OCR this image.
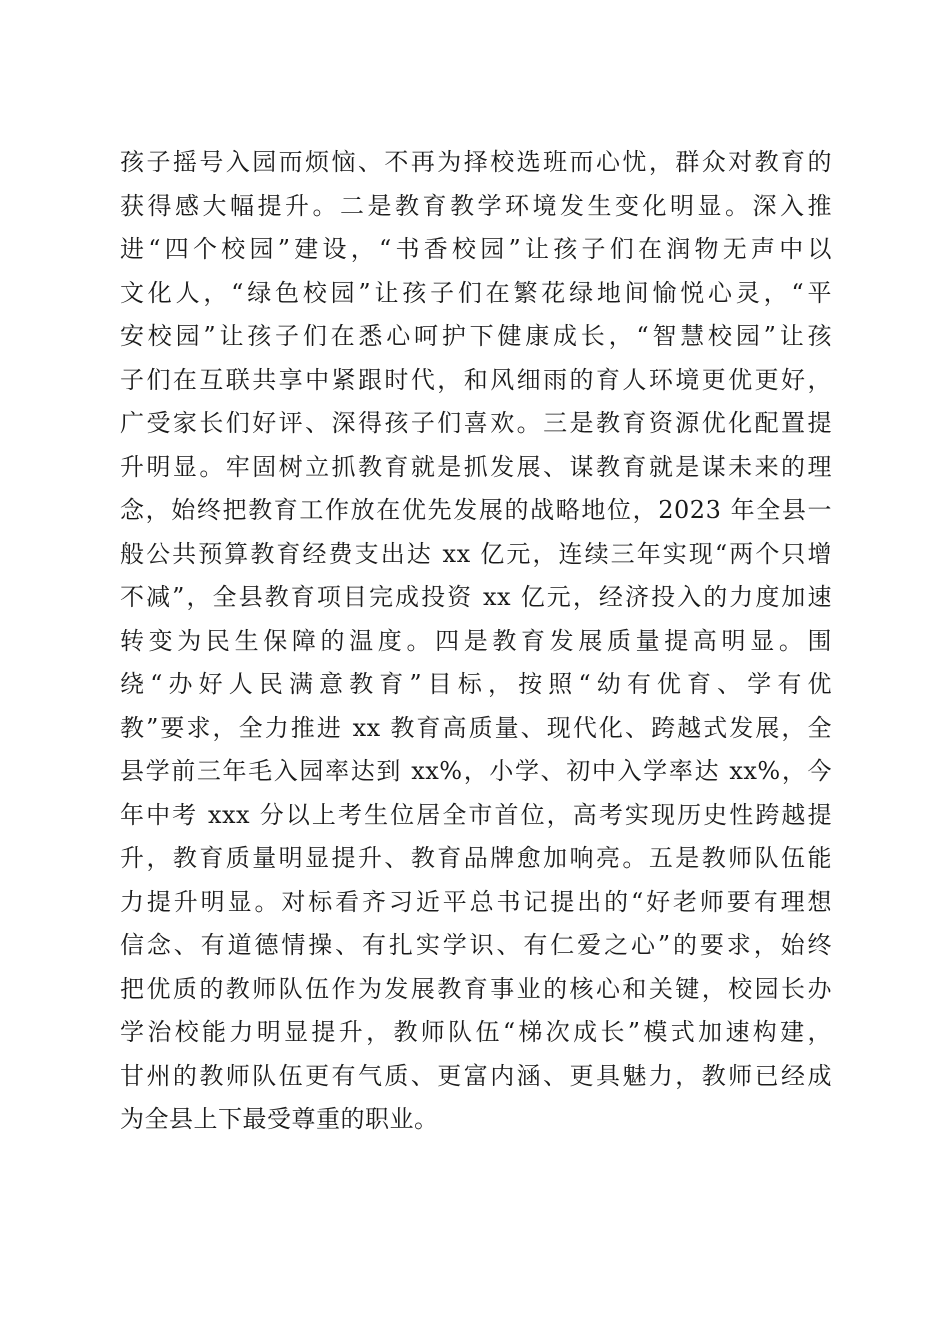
孩子摇号入园而烦恼、不再为择校选班而心忧，群众对教育的
获得感大幅提升。二是教育教学环境发生变化明显。深入推
进“四个校园”建设，“书香校园”让孩子们在润物无声中以
文化人，“绿色校园”让孩子们在繁花绿地间愉悦心灵，“平
安校园”让孩子们在悉心呵护下健康成长，“智慧校园”让孩
子们在互联共享中紧跟时代，和风细雨的育人环境更优更好，
广受家长们好评、深得孩子们喜欢。三是教育资源优化配置提
升明显。牢固树立抓教育就是抓发展、谋教育就是谋未来的理
念，始终把教育工作放在优先发展的战略地位，2023 年全县一
般公共预算教育经费支出达 xx 亿元，连续三年实现“两个只增
不减”，全县教育项目完成投资 xx 亿元，经济投入的力度加速
转变为民生保障的温度。四是教育发展质量提高明显。围
绕“办好人民满意教育”目标，按照“幼有优育、学有优
教”要求，全力推进 xx 教育高质量、现代化、跨越式发展，全
县学前三年毛入园率达到 xx%，小学、初中入学率达 xx%，今
年中考 xxx 分以上考生位居全市首位，高考实现历史性跨越提
升，教育质量明显提升、教育品牌愈加响亮。五是教师队伍能
力提升明显。对标看齐习近平总书记提出的“好老师要有理想
信念、有道德情操、有扎实学识、有仁爱之心”的要求，始终
把优质的教师队伍作为发展教育事业的核心和关键，校园长办
学治校能力明显提升，教师队伍“梯次成长”模式加速构建，
甘州的教师队伍更有气质、更富内涵、更具魅力，教师已经成
为全县上下最受尊重的职业。
